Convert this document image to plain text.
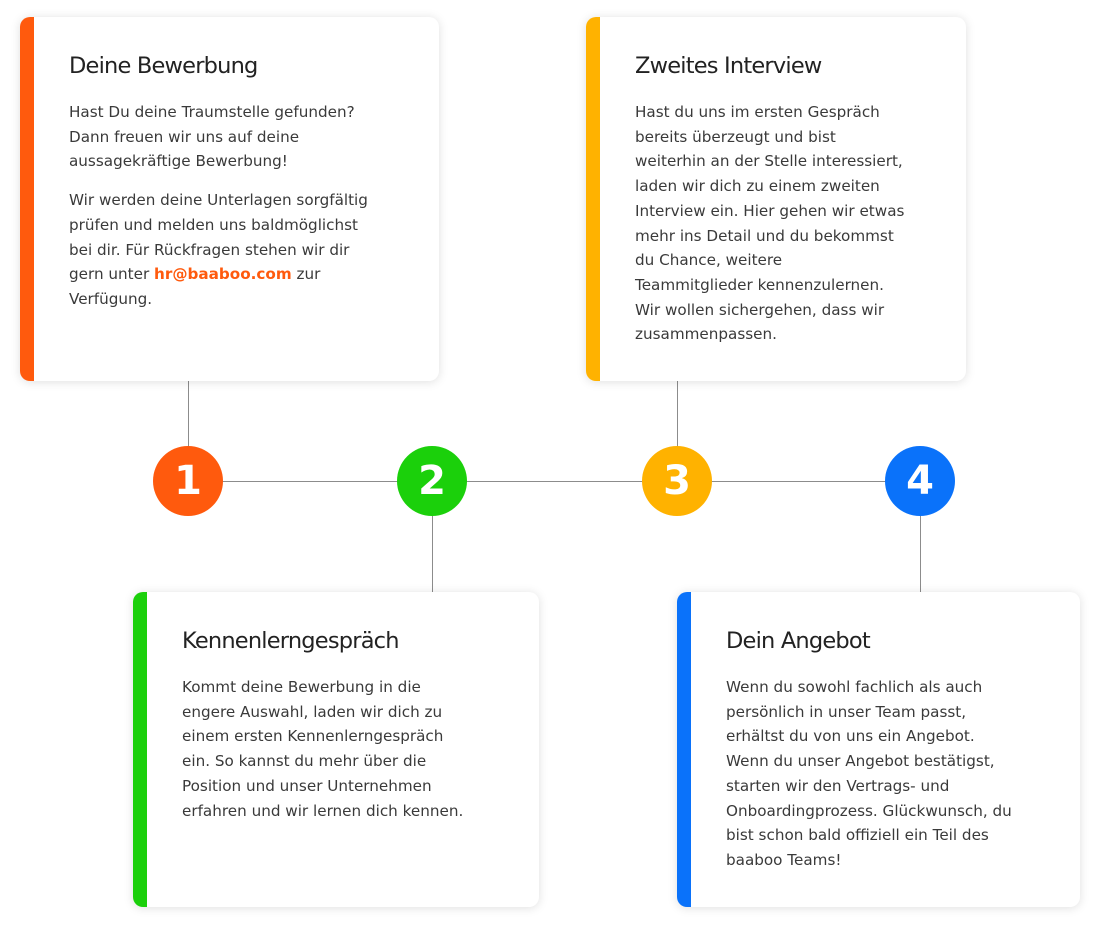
1	2	3	4
Deine Bewerbung

Hast Du deine Traumstelle gefunden?
Dann freuen wir uns auf deine
aussagekräftige Bewerbung!

Wir werden deine Unterlagen sorgfältig
prüfen und melden uns baldmöglichst
bei dir. Für Rückfragen stehen wir dir
gern unter hr@baaboo.com zur
Verfügung.

Zweites Interview

Hast du uns im ersten Gespräch
bereits überzeugt und bist
weiterhin an der Stelle interessiert,
laden wir dich zu einem zweiten
Interview ein. Hier gehen wir etwas
mehr ins Detail und du bekommst
du Chance, weitere
Teammitglieder kennenzulernen.
Wir wollen sichergehen, dass wir
zusammenpassen.

Kennenlerngespräch

Kommt deine Bewerbung in die
engere Auswahl, laden wir dich zu
einem ersten Kennenlerngespräch
ein. So kannst du mehr über die
Position und unser Unternehmen
erfahren und wir lernen dich kennen.

Dein Angebot

Wenn du sowohl fachlich als auch
persönlich in unser Team passt,
erhältst du von uns ein Angebot.
Wenn du unser Angebot bestätigst,
starten wir den Vertrags- und
Onboardingprozess. Glückwunsch, du
bist schon bald offiziell ein Teil des
baaboo Teams!
